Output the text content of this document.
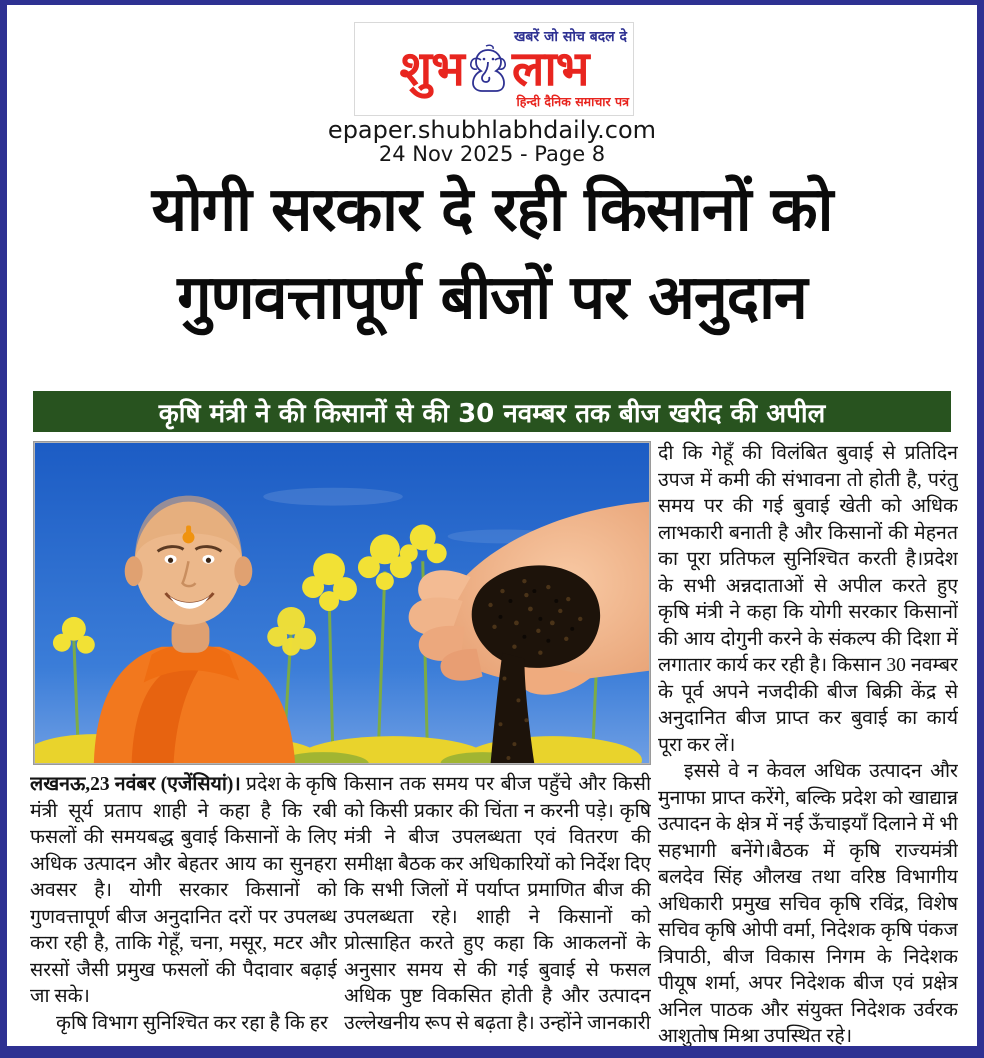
खबरें जो सोच बदल दे
शुभ लाभ
हिन्दी दैनिक समाचार पत्र
epaper.shubhlabhdaily.com
24 Nov 2025 - Page 8
योगी सरकार दे रही किसानों को
गुणवत्तापूर्ण बीजों पर अनुदान
कृषि मंत्री ने की किसानों से की 30 नवम्बर तक बीज खरीद की अपील

लखनऊ,23 नवंबर (एजेंसियां)। प्रदेश के कृषि मंत्री सूर्य प्रताप शाही ने कहा है कि रबी फसलों की समयबद्ध बुवाई किसानों के लिए अधिक उत्पादन और बेहतर आय का सुनहरा अवसर है। योगी सरकार किसानों को गुणवत्तापूर्ण बीज अनुदानित दरों पर उपलब्ध करा रही है, ताकि गेहूँ, चना, मसूर, मटर और सरसों जैसी प्रमुख फसलों की पैदावार बढ़ाई जा सके।

कृषि विभाग सुनिश्चित कर रहा है कि हर

किसान तक समय पर बीज पहुँचे और किसी को किसी प्रकार की चिंता न करनी पड़े। कृषि मंत्री ने बीज उपलब्धता एवं वितरण की समीक्षा बैठक कर अधिकारियों को निर्देश दिए कि सभी जिलों में पर्याप्त प्रमाणित बीज की उपलब्धता रहे। शाही ने किसानों को प्रोत्साहित करते हुए कहा कि आकलनों के अनुसार समय से की गई बुवाई से फसल अधिक पुष्ट विकसित होती है और उत्पादन उल्लेखनीय रूप से बढ़ता है। उन्होंने जानकारी

दी कि गेहूँ की विलंबित बुवाई से प्रतिदिन उपज में कमी की संभावना तो होती है, परंतु समय पर की गई बुवाई खेती को अधिक लाभकारी बनाती है और किसानों की मेहनत का पूरा प्रतिफल सुनिश्चित करती है।प्रदेश के सभी अन्नदाताओं से अपील करते हुए कृषि मंत्री ने कहा कि योगी सरकार किसानों की आय दोगुनी करने के संकल्प की दिशा में लगातार कार्य कर रही है। किसान 30 नवम्बर के पूर्व अपने नजदीकी बीज बिक्री केंद्र से अनुदानित बीज प्राप्त कर बुवाई का कार्य पूरा कर लें।

इससे वे न केवल अधिक उत्पादन और मुनाफा प्राप्त करेंगे, बल्कि प्रदेश को खाद्यान्न उत्पादन के क्षेत्र में नई ऊँचाइयाँ दिलाने में भी सहभागी बनेंगे।बैठक में कृषि राज्यमंत्री बलदेव सिंह औलख तथा वरिष्ठ विभागीय अधिकारी प्रमुख सचिव कृषि रविंद्र, विशेष सचिव कृषि ओपी वर्मा, निदेशक कृषि पंकज त्रिपाठी, बीज विकास निगम के निदेशक पीयूष शर्मा, अपर निदेशक बीज एवं प्रक्षेत्र अनिल पाठक और संयुक्त निदेशक उर्वरक आशुतोष मिश्रा उपस्थित रहे।
